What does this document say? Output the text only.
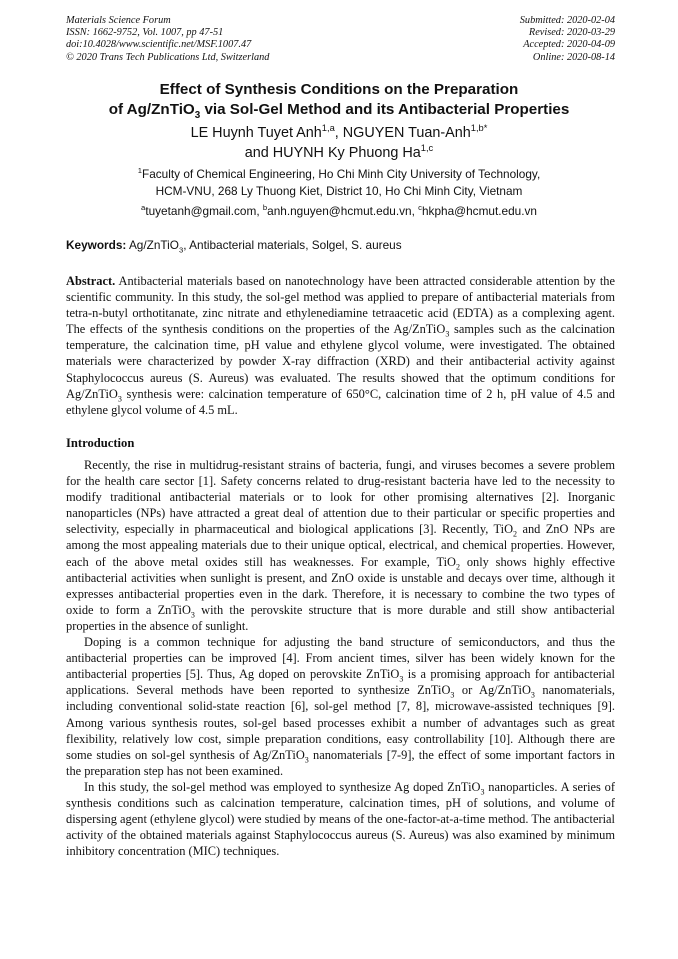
Materials Science Forum
ISSN: 1662-9752, Vol. 1007, pp 47-51
doi:10.4028/www.scientific.net/MSF.1007.47
© 2020 Trans Tech Publications Ltd, Switzerland
Submitted: 2020-02-04
Revised: 2020-03-29
Accepted: 2020-04-09
Online: 2020-08-14
Effect of Synthesis Conditions on the Preparation
of Ag/ZnTiO$_3$ via Sol-Gel Method and its Antibacterial Properties
LE Huynh Tuyet Anh$^{1,a}$, NGUYEN Tuan-Anh$^{1,b*}$
and HUYNH Ky Phuong Ha$^{1,c}$
$^1$Faculty of Chemical Engineering, Ho Chi Minh City University of Technology,
HCM-VNU, 268 Ly Thuong Kiet, District 10, Ho Chi Minh City, Vietnam
$^a$tuyetanh@gmail.com, $^b$anh.nguyen@hcmut.edu.vn, $^c$hkpha@hcmut.edu.vn
Keywords: Ag/ZnTiO$_3$, Antibacterial materials, Solgel, S. aureus
Abstract. Antibacterial materials based on nanotechnology have been attracted considerable attention by the scientific community. In this study, the sol-gel method was applied to prepare of antibacterial materials from tetra-n-butyl orthotitanate, zinc nitrate and ethylenediamine tetraacetic acid (EDTA) as a complexing agent. The effects of the synthesis conditions on the properties of the Ag/ZnTiO$_3$ samples such as the calcination temperature, the calcination time, pH value and ethylene glycol volume, were investigated. The obtained materials were characterized by powder X-ray diffraction (XRD) and their antibacterial activity against Staphylococcus aureus (S. Aureus) was evaluated. The results showed that the optimum conditions for Ag/ZnTiO$_3$ synthesis were: calcination temperature of 650°C, calcination time of 2 h, pH value of 4.5 and ethylene glycol volume of 4.5 mL.
Introduction

Recently, the rise in multidrug-resistant strains of bacteria, fungi, and viruses becomes a severe problem for the health care sector [1]. Safety concerns related to drug-resistant bacteria have led to the necessity to modify traditional antibacterial materials or to look for other promising alternatives [2]. Inorganic nanoparticles (NPs) have attracted a great deal of attention due to their particular or specific properties and selectivity, especially in pharmaceutical and biological applications [3]. Recently, TiO$_2$ and ZnO NPs are among the most appealing materials due to their unique optical, electrical, and chemical properties. However, each of the above metal oxides still has weaknesses. For example, TiO$_2$ only shows highly effective antibacterial activities when sunlight is present, and ZnO oxide is unstable and decays over time, although it expresses antibacterial properties even in the dark. Therefore, it is necessary to combine the two types of oxide to form a ZnTiO$_3$ with the perovskite structure that is more durable and still show antibacterial properties in the absence of sunlight.

Doping is a common technique for adjusting the band structure of semiconductors, and thus the antibacterial properties can be improved [4]. From ancient times, silver has been widely known for the antibacterial properties [5]. Thus, Ag doped on perovskite ZnTiO$_3$ is a promising approach for antibacterial applications. Several methods have been reported to synthesize ZnTiO$_3$ or Ag/ZnTiO$_3$ nanomaterials, including conventional solid-state reaction [6], sol-gel method [7, 8], microwave-assisted techniques [9]. Among various synthesis routes, sol-gel based processes exhibit a number of advantages such as great flexibility, relatively low cost, simple preparation conditions, easy controllability [10]. Although there are some studies on sol-gel synthesis of Ag/ZnTiO$_3$ nanomaterials [7-9], the effect of some important factors in the preparation step has not been examined.

In this study, the sol-gel method was employed to synthesize Ag doped ZnTiO$_3$ nanoparticles. A series of synthesis conditions such as calcination temperature, calcination times, pH of solutions, and volume of dispersing agent (ethylene glycol) were studied by means of the one-factor-at-a-time method. The antibacterial activity of the obtained materials against Staphylococcus aureus (S. Aureus) was also examined by minimum inhibitory concentration (MIC) techniques.
